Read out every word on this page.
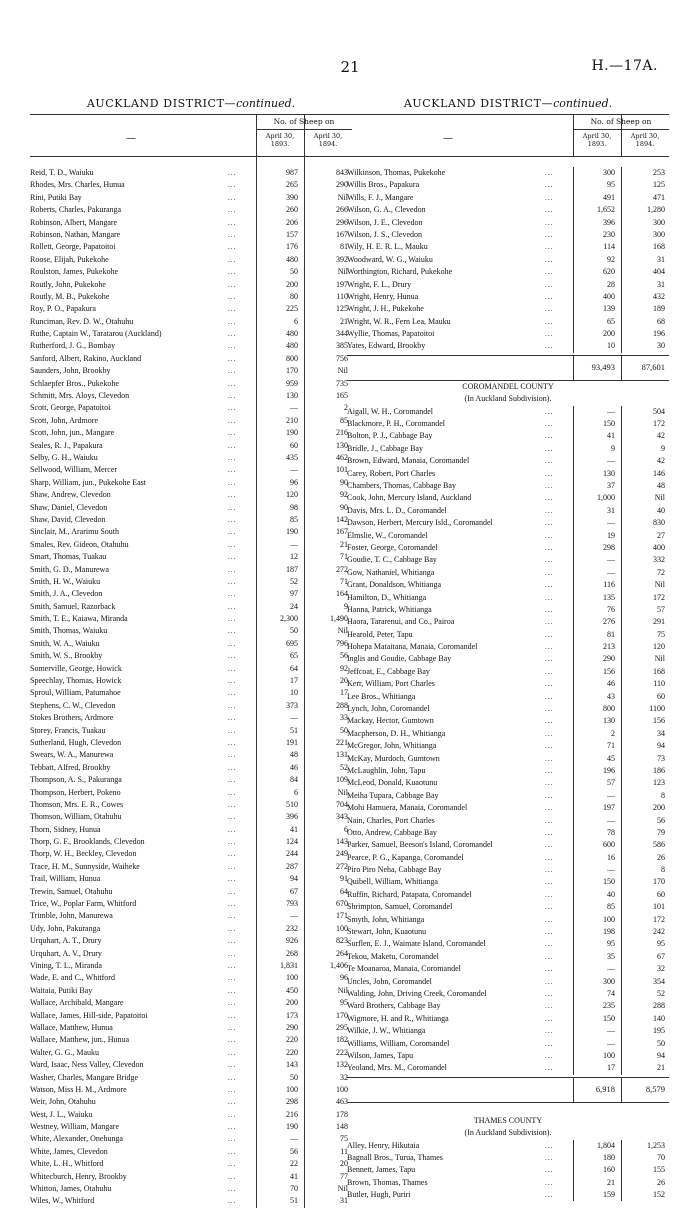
21	H.—17A.
AUCKLAND DISTRICT—continued.
—
No. of Sheep on
April 30,
1893.
April 30,
1894.
Reid, T. D., Waiuku	...	987	843
Rhodes, Mrs. Charles, Hunua	...	265	290
Rini, Putiki Bay	...	390	Nil
Roberts, Charles, Pakuranga	...	260	266
Robinson, Albert, Mangare	...	206	296
Robinson, Nathan, Mangare	...	157	167
Rollett, George, Papatoitoi	...	176	81
Roose, Elijah, Pukekohe	...	480	392
Roulston, James, Pukekohe	...	50	Nil
Routly, John, Pukekohe	...	200	197
Routly, M. B., Pukekohe	...	80	110
Roy, P. O., Papakura	...	225	125
Runciman, Rev. D. W., Otahuhu	...	6	21
Ruthe, Captain W., Taratarou (Auckland)	...	480	344
Rutherford, J. G., Bombay	...	480	385
Sanford, Albert, Rakino, Auckland	...	800	756
Saunders, John, Brookby	...	170	Nil
Schlaepfer Bros., Pukekohe	...	959	735
Schmitt, Mrs. Aloys, Clevedon	...	130	165
Scott, George, Papatoitoi	...	—	2
Scott, John, Ardmore	...	210	85
Scott, John, jun., Mangare	...	190	216
Seales, R. J., Papakura	...	60	130
Selby, G. H., Waiuku	...	435	462
Sellwood, William, Mercer	...	—	101
Sharp, William, jun., Pukekohe East	...	96	90
Shaw, Andrew, Clevedon	...	120	92
Shaw, Daniel, Clevedon	...	98	90
Shaw, David, Clevedon	...	85	142
Sinclair, M., Ararimu South	...	190	167
Smales, Rev. Gideon, Otahuhu	...	—	21
Smart, Thomas, Tuakau	...	12	71
Smith, G. D., Manurewa	...	187	272
Smith, H. W., Waiuku	...	52	71
Smith, J. A., Clevedon	...	97	164
Smith, Samuel, Razorback	...	24	9
Smith, T. E., Kaiawa, Miranda	...	2,300	1,490
Smith, Thomas, Waiuku	...	50	Nil
Smith, W. A., Waiuku	...	695	796
Smith, W. S., Brookby	...	65	56
Somerville, George, Howick	...	64	92
Speechlay, Thomas, Howick	...	17	20
Sproul, William, Patumahoe	...	10	17
Stephens, C. W., Clevedon	...	373	288
Stokes Brothers, Ardmore	...	—	33
Storey, Francis, Tuakau	...	51	50
Sutherland, Hugh, Clevedon	...	191	221
Swears, W. A., Manurewa	...	48	131
Tebbatt, Alfred, Brookby	...	46	52
Thompson, A. S., Pakuranga	...	84	109
Thompson, Herbert, Pokeno	...	6	Nil
Thomson, Mrs. E. R., Cowes	...	510	704
Thomson, William, Otahuhu	...	396	343
Thorn, Sidney, Hunua	...	41	6
Thorp, G. F., Brooklands, Clevedon	...	124	143
Thorp, W. H., Beckley, Clevedon	...	244	249
Trace, H. M., Sunnyside, Waiheke	...	287	272
Trail, William, Hunua	...	94	91
Trewin, Samuel, Otahuhu	...	67	64
Trice, W., Poplar Farm, Whitford	...	793	670
Trimble, John, Manurewa	...	—	171
Udy, John, Pakuranga	...	232	100
Urquhart, A. T., Drury	...	926	823
Urquhart, A. V., Drury	...	268	264
Vining, T. L., Miranda	...	1,831	1,406
Wade, E. and C., Whitford	...	100	96
Waitaia, Putiki Bay	...	450	Nil
Wallace, Archibald, Mangare	...	200	95
Wallace, James, Hill-side, Papatoitoi	...	173	170
Wallace, Matthew, Hunua	...	290	295
Wallace, Matthew, jun., Hunua	...	220	182
Walter, G. G., Mauku	...	220	222
Ward, Isaac, Ness Valley, Clevedon	...	143	132
Washer, Charles, Mangare Bridge	...	50	32
Watson, Miss H. M., Ardmore	...	100	100
Weir, John, Otahuhu	...	298	463
West, J. L., Waiuku	...	216	178
Westney, William, Mangare	...	190	148
White, Alexander, Onehunga	...	—	75
White, James, Clevedon	...	56	11
White, L. H., Whitford	...	22	20
Whitecburch, Henry, Brookby	...	41	77
Whitton, James, Otahuhu	...	70	Nil
Wiles, W., Whitford	...	51	31
AUCKLAND DISTRICT—continued.
—
No. of Sheep on
April 30,
1893.
April 30,
1894.
Wilkinson, Thomas, Pukekohe	...	300	253
Willis Bros., Papakura	...	95	125
Wills, F. J., Mangare	...	491	471
Wilson, G. A., Clevedon	...	1,652	1,280
Wilson, J. E., Clevedon	...	396	300
Wilson, J. S., Clevedon	...	230	300
Wily, H. E. R. L., Mauku	...	114	168
Woodward, W. G., Waiuku	...	92	31
Worthington, Richard, Pukekohe	...	620	404
Wright, F. L., Drury	...	28	31
Wright, Henry, Hunua	...	400	432
Wright, J. H., Pukekohe	...	139	189
Wright, W. R., Fern Lea, Mauku	...	65	68
Wyllie, Thomas, Papatoitoi	...	200	196
Yates, Edward, Brookby	...	10	30
93,493	87,601
COROMANDEL COUNTY
(In Auckland Subdivision).
Aigall, W. H., Coromandel	...	—	504
Blackmore, P. H., Coromandel	...	150	172
Bolton, P. J., Cabbage Bay	...	41	42
Bridle, J., Cabbage Bay	...	9	9
Brown, Edward, Manaia, Coromandel	...	—	42
Carey, Robert, Port Charles	...	130	146
Chambers, Thomas, Cabbage Bay	...	37	48
Cook, John, Mercury Island, Auckland	...	1,000	Nil
Davis, Mrs. L. D., Coromandel	...	31	40
Dawson, Herbert, Mercury Isld., Coromandel	...	—	830
Elmslie, W., Coromandel	...	19	27
Foster, George, Coromandel	...	298	400
Goudie, T. C., Cabbage Bay	...	—	332
Gow, Nathaniel, Whitianga	...	—	72
Grant, Donaldson, Whitianga	...	116	Nil
Hamilton, D., Whitianga	...	135	172
Hanna, Patrick, Whitianga	...	76	57
Haora, Tararenui, and Co., Pairoa	...	276	291
Hearold, Peter, Tapu	...	81	75
Hohepa Mataitana, Manaia, Coromandel	...	213	120
Inglis and Goudie, Cabbage Bay	...	290	Nil
Jeffcoat, E., Cabbage Bay	...	156	168
Kerr, William, Port Charles	...	46	110
Lee Bros., Whitianga	...	43	60
Lynch, John, Coromandel	...	800	1100
Mackay, Hector, Gumtown	...	130	156
Macpherson, D. H., Whitianga	...	2	34
McGregor, John, Whitianga	...	71	94
McKay, Murdoch, Gumtown	...	45	73
McLaughlin, John, Tapu	...	196	186
McLeod, Donald, Kuaotunu	...	57	123
Meiha Tupara, Cabbage Bay	...	—	8
Mohi Hamuera, Manaia, Coromandel	...	197	200
Nain, Charles, Port Charles	...	—	56
Otto, Andrew, Cabbage Bay	...	78	79
Parker, Samuel, Beeson's Island, Coromandel	...	600	586
Pearce, P. G., Kapanga, Coromandel	...	16	26
Piro Piro Neha, Cabbage Bay	...	—	8
Quibell, William, Whitianga	...	150	170
Ruffin, Richard, Patapata, Coromandel	...	40	60
Shrimpton, Samuel, Coromandel	...	85	101
Smyth, John, Whitianga	...	100	172
Stewart, John, Kuaotunu	...	198	242
Surflen, E. J., Waimate Island, Coromandel	...	95	95
Tekou, Maketu, Coromandel	...	35	67
Te Moanaroa, Manaia, Coromandel	...	—	32
Uncles, John, Coromandel	...	300	354
Walding, John, Driving Creek, Coromandel	...	74	52
Ward Brothers, Cabbage Bay	...	235	288
Wigmore, H. and R., Whitianga	...	150	140
Wilkie, J. W., Whitianga	...	—	195
Williams, William, Coromandel	...	—	50
Wilson, James, Tapu	...	100	94
Yeoland, Mrs. M., Coromandel	...	17	21
6,918	8,579
THAMES COUNTY
(In Auckland Subdivision).
Alley, Henry, Hikutaia	...	1,804	1,253
Bagnall Bros., Turua, Thames	...	180	70
Bennett, James, Tapu	...	160	155
Brown, Thomas, Thames	...	21	26
Butler, Hugh, Puriri	...	159	152
